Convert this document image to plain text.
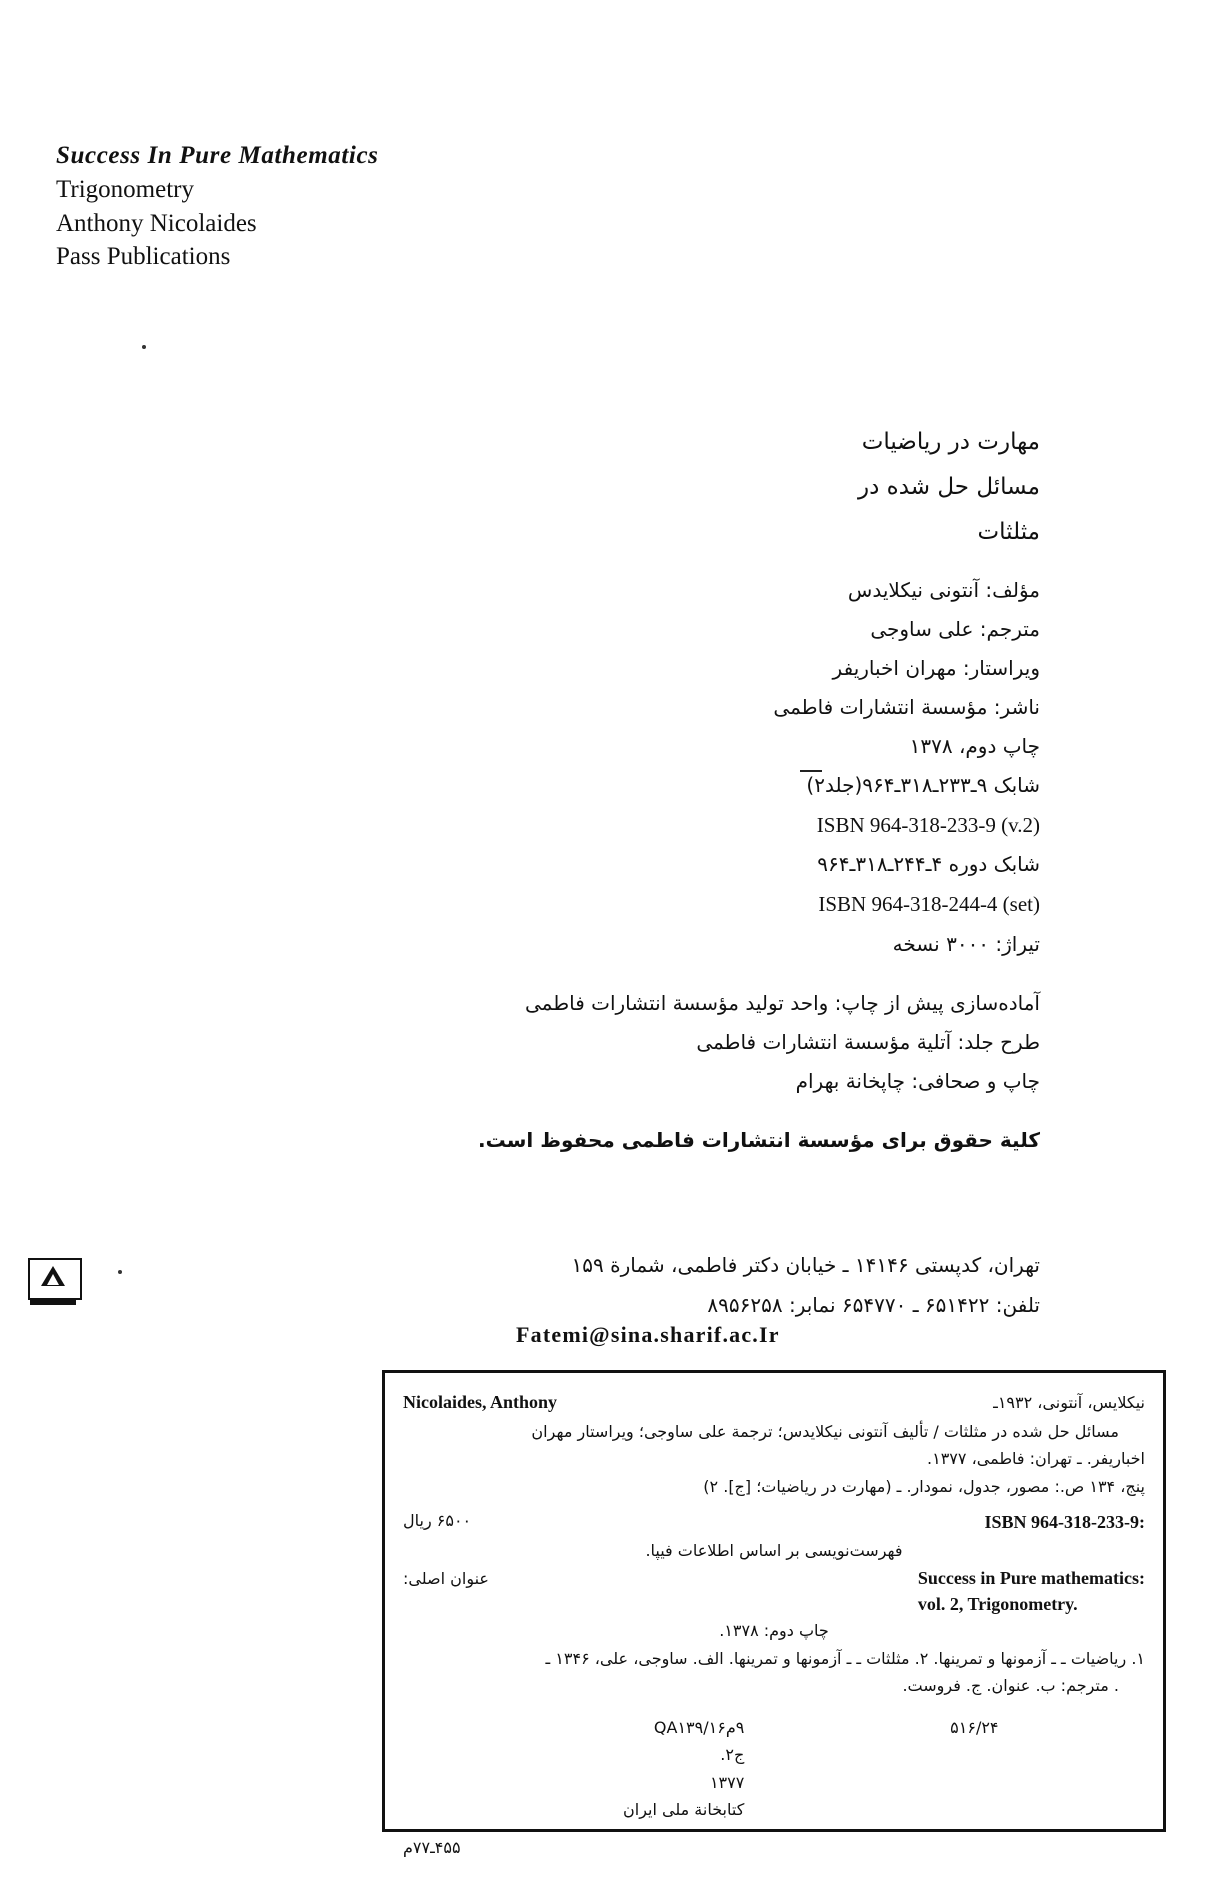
Success In Pure Mathematics

Trigonometry

Anthony Nicolaides

Pass Publications

مهارت در ریاضیات

مسائل حل شده در

مثلثات

مؤلف: آنتونی نیکلایدس

مترجم: علی ساوجی

ویراستار: مهران اخباریفر

ناشر: مؤسسة انتشارات فاطمی

چاپ دوم، ۱۳۷۸

شابک ۹ـ۲۳۳ـ۳۱۸ـ۹۶۴(جلد۲)

ISBN 964-318-233-9 (v.2)

شابک دوره ۴ـ۲۴۴ـ۳۱۸ـ۹۶۴

ISBN 964-318-244-4 (set)

تیراژ: ۳۰۰۰ نسخه

آماده‌سازی پیش از چاپ: واحد تولید مؤسسة انتشارات فاطمی

طرح جلد: آتلیة مؤسسة انتشارات فاطمی

چاپ و صحافی: چاپخانة بهرام

کلیة حقوق برای مؤسسة انتشارات فاطمی محفوظ است.

تهران، کدپستی ۱۴۱۴۶ ـ خیابان دکتر فاطمی، شمارة ۱۵۹

تلفن: ۶۵۱۴۲۲ ـ ۶۵۴۷۷۰ نمابر: ۸۹۵۶۲۵۸

Fatemi@sina.sharif.ac.Ir
Nicolaides, Anthony	نیکلایس، آنتونی، ۱۹۳۲ـ
مسائل حل شده در مثلثات / تألیف آنتونی نیکلایدس؛ ترجمة علی ساوجی؛ ویراستار مهران
اخباریفر. ـ تهران: فاطمی، ۱۳۷۷.
پنج، ۱۳۴ ص.: مصور، جدول، نمودار. ـ (مهارت در ریاضیات؛ [ج]. ۲)
۶۵۰۰ ریال	ISBN 964-318-233-9:
فهرست‌نویسی بر اساس اطلاعات فیپا.
عنوان اصلی:	Success in Pure mathematics:
vol. 2, Trigonometry.
چاپ دوم: ۱۳۷۸.
۱. ریاضیات ـ ـ آزمونها و تمرینها. ۲. مثلثات ـ ـ آزمونها و تمرینها. الف. ساوجی، علی، ۱۳۴۶ ـ
. مترجم: ب. عنوان. ج. فروست.
۹م۱۶/QA۱۳۹
ج۲.
۱۳۷۷
کتابخانة ملی ایران
۵۱۶/۲۴
۴۵۵ـ۷۷م
